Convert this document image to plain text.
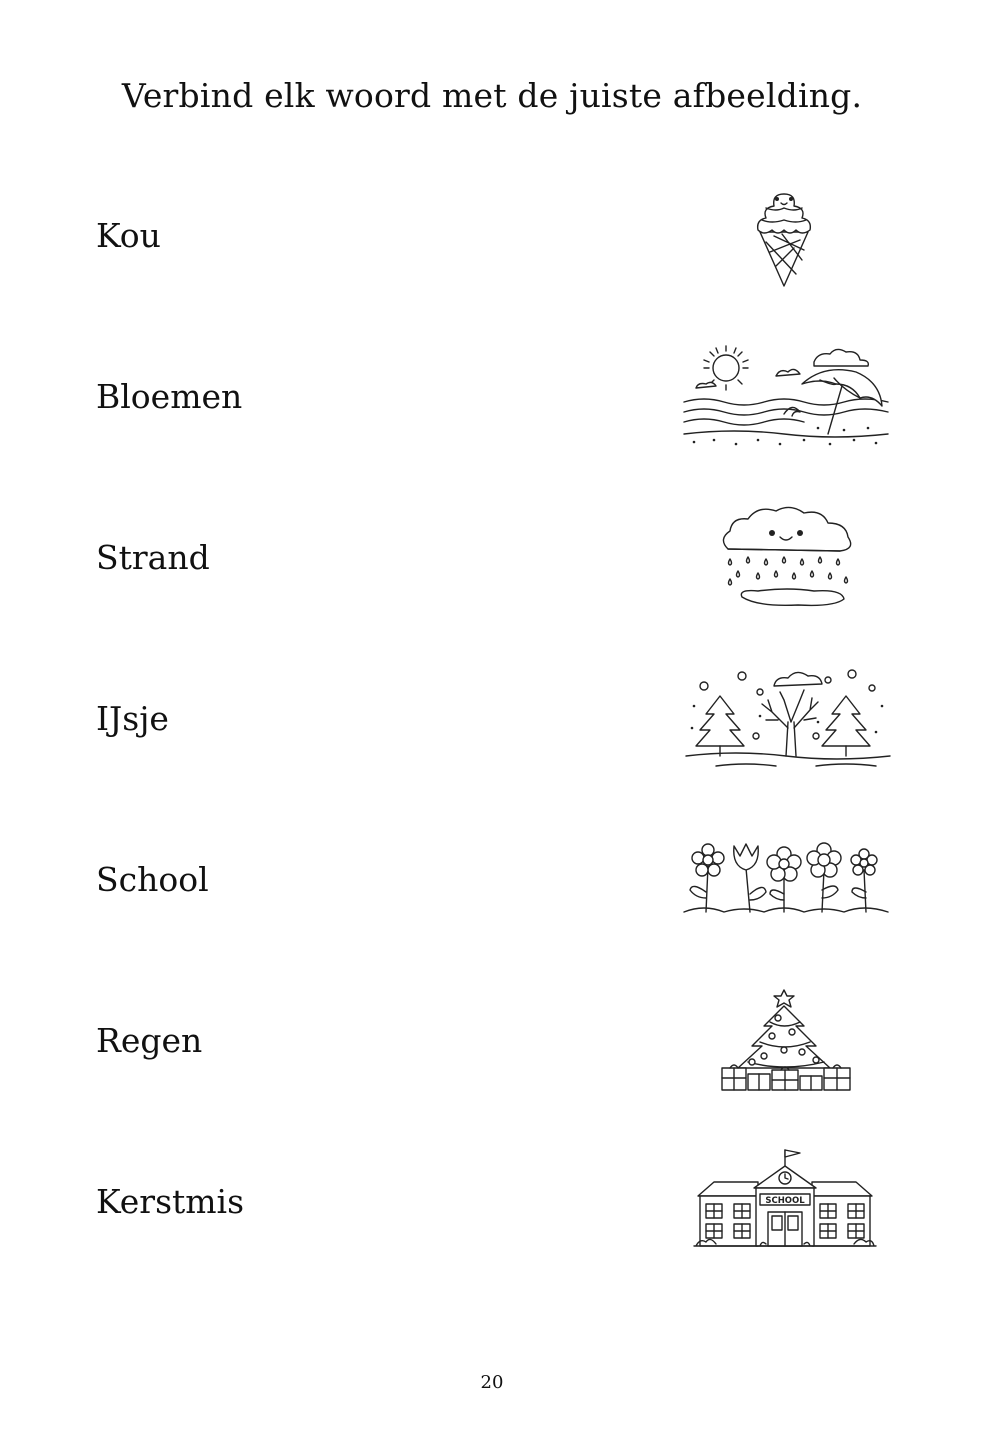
Verbind elk woord met de juiste afbeelding.
Kou
Bloemen
Strand
IJsje
School
Regen
Kerstmis	SCHOOL
20
